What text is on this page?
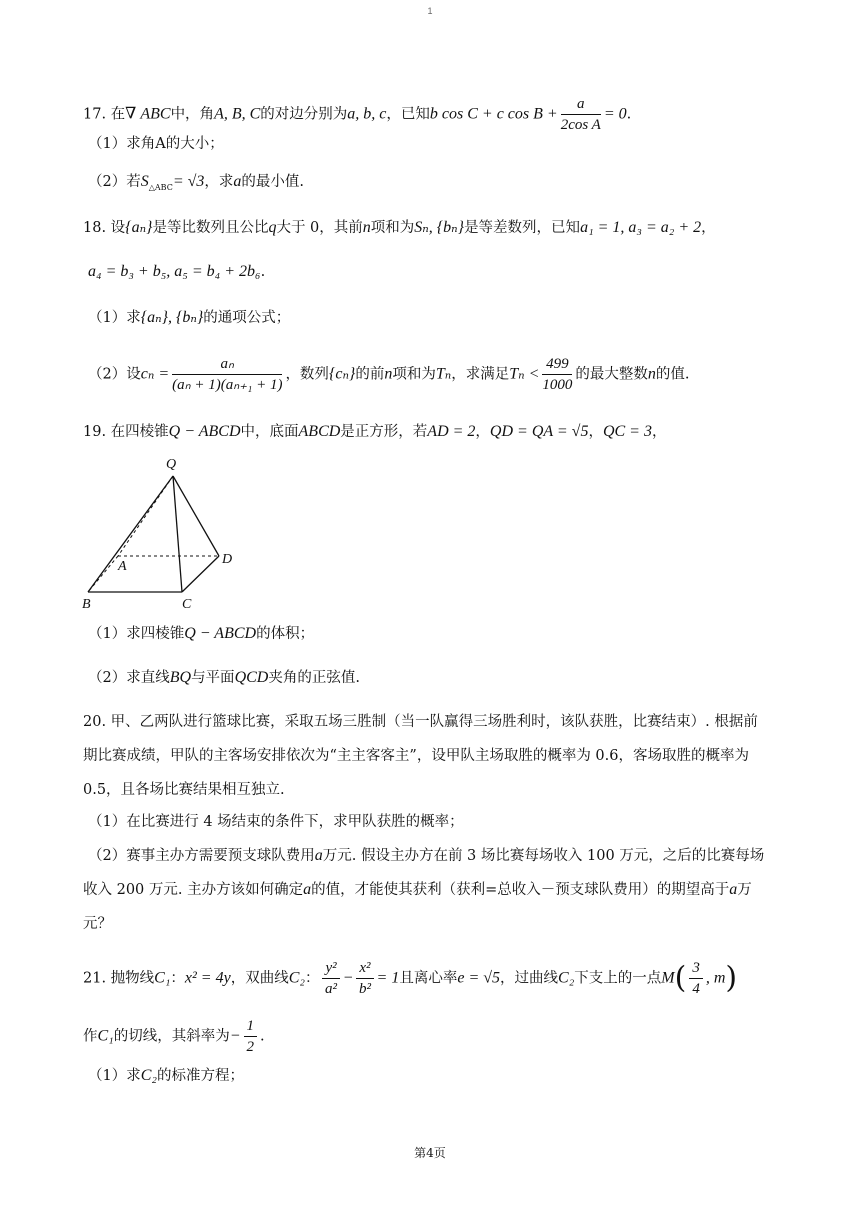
1
17. 在∇ ABC中，角A, B, C的对边分别为a, b, c，已知b cos C + c $\cos B + \frac{a}{\text{2cos A}} = 0$.
（1）求角A的大小；
（2）若$S_{\triangle ABC}= √3$，求a的最小值.
18. 设{aₙ}是等比数列且公比q大于 0，其前n项和为Sₙ, {bₙ}是等差数列，已知a₁ = 1, a₃ = a₂ + 2，
a₄ = b₃ + b₅, a₅ = b₄ + 2b₆.
（1）求{aₙ}, {bₙ}的通项公式；
（2）设$c_n = \frac{\text{aₙ}}{\text{(aₙ + 1)(aₙ₊₁ + 1)}}$ ，数列{cₙ}的前n项和为Tₙ，求满足$T_n < \frac{499}{1000}$ 的最大整数n的值.
19. 在四棱锥Q − ABCD中，底面ABCD是正方形，若AD = 2，QD = QA = √5，QC = 3，
Q
A
B	C
D
（1）求四棱锥Q − ABCD的体积；
（2）求直线BQ与平面QCD夹角的正弦值.
20. 甲、乙两队进行篮球比赛，采取五场三胜制（当一队赢得三场胜利时，该队获胜，比赛结束）. 根据前
期比赛成绩，甲队的主客场安排依次为“主主客客主”，设甲队主场取胜的概率为 0.6，客场取胜的概率为
0.5，且各场比赛结果相互独立.
（1）在比赛进行 4 场结束的条件下，求甲队获胜的概率；
（2）赛事主办方需要预支球队费用a万元. 假设主办方在前 3 场比赛每场收入 100 万元，之后的比赛每场
收入 200 万元. 主办方该如何确定a的值，才能使其获利（获利=总收入－预支球队费用）的期望高于a万
元？
21. 抛物线C₁：x² = 4y，双曲线C₂： $\frac{\text{y²}}{\text{a²}} - \frac{\text{x²}}{\text{b²}} = 1$且离心率e = √5，过曲线C₂下支上的一点$M( \frac{3}{4}$ , m)
作C₁的切线，其斜率为− $\frac{1}{2}$ .
（1）求C₂的标准方程；
第4页
